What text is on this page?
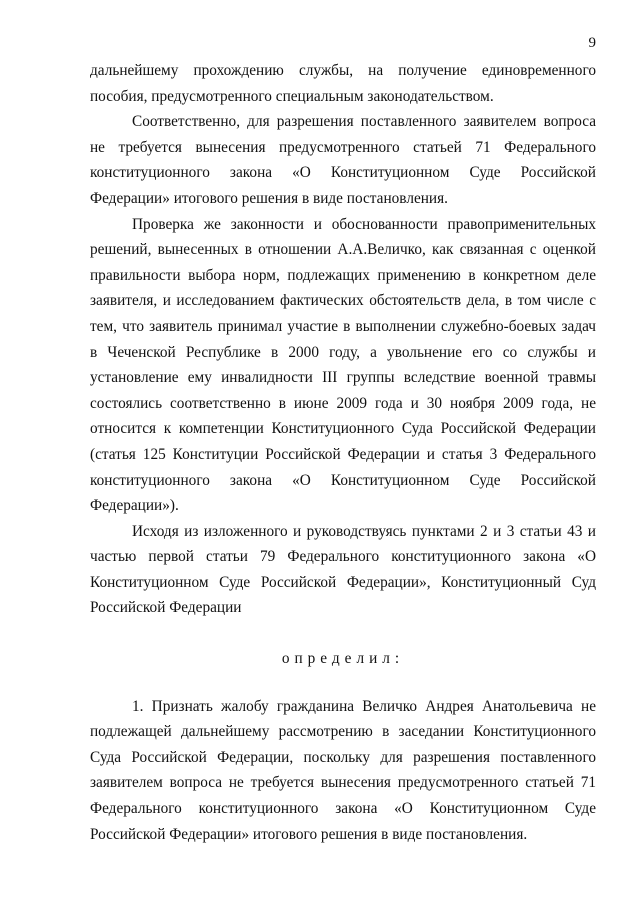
9

дальнейшему прохождению службы, на получение единовременного пособия, предусмотренного специальным законодательством.

Соответственно, для разрешения поставленного заявителем вопроса не требуется вынесения предусмотренного статьей 71 Федерального конституционного закона «О Конституционном Суде Российской Федерации» итогового решения в виде постановления.

Проверка же законности и обоснованности правоприменительных решений, вынесенных в отношении А.А.Величко, как связанная с оценкой правильности выбора норм, подлежащих применению в конкретном деле заявителя, и исследованием фактических обстоятельств дела, в том числе с тем, что заявитель принимал участие в выполнении служебно-боевых задач в Чеченской Республике в 2000 году, а увольнение его со службы и установление ему инвалидности III группы вследствие военной травмы состоялись соответственно в июне 2009 года и 30 ноября 2009 года, не относится к компетенции Конституционного Суда Российской Федерации (статья 125 Конституции Российской Федерации и статья 3 Федерального конституционного закона «О Конституционном Суде Российской Федерации»).

Исходя из изложенного и руководствуясь пунктами 2 и 3 статьи 43 и частью первой статьи 79 Федерального конституционного закона «О Конституционном Суде Российской Федерации», Конституционный Суд Российской Федерации

определил:

1. Признать жалобу гражданина Величко Андрея Анатольевича не подлежащей дальнейшему рассмотрению в заседании Конституционного Суда Российской Федерации, поскольку для разрешения поставленного заявителем вопроса не требуется вынесения предусмотренного статьей 71 Федерального конституционного закона «О Конституционном Суде Российской Федерации» итогового решения в виде постановления.
